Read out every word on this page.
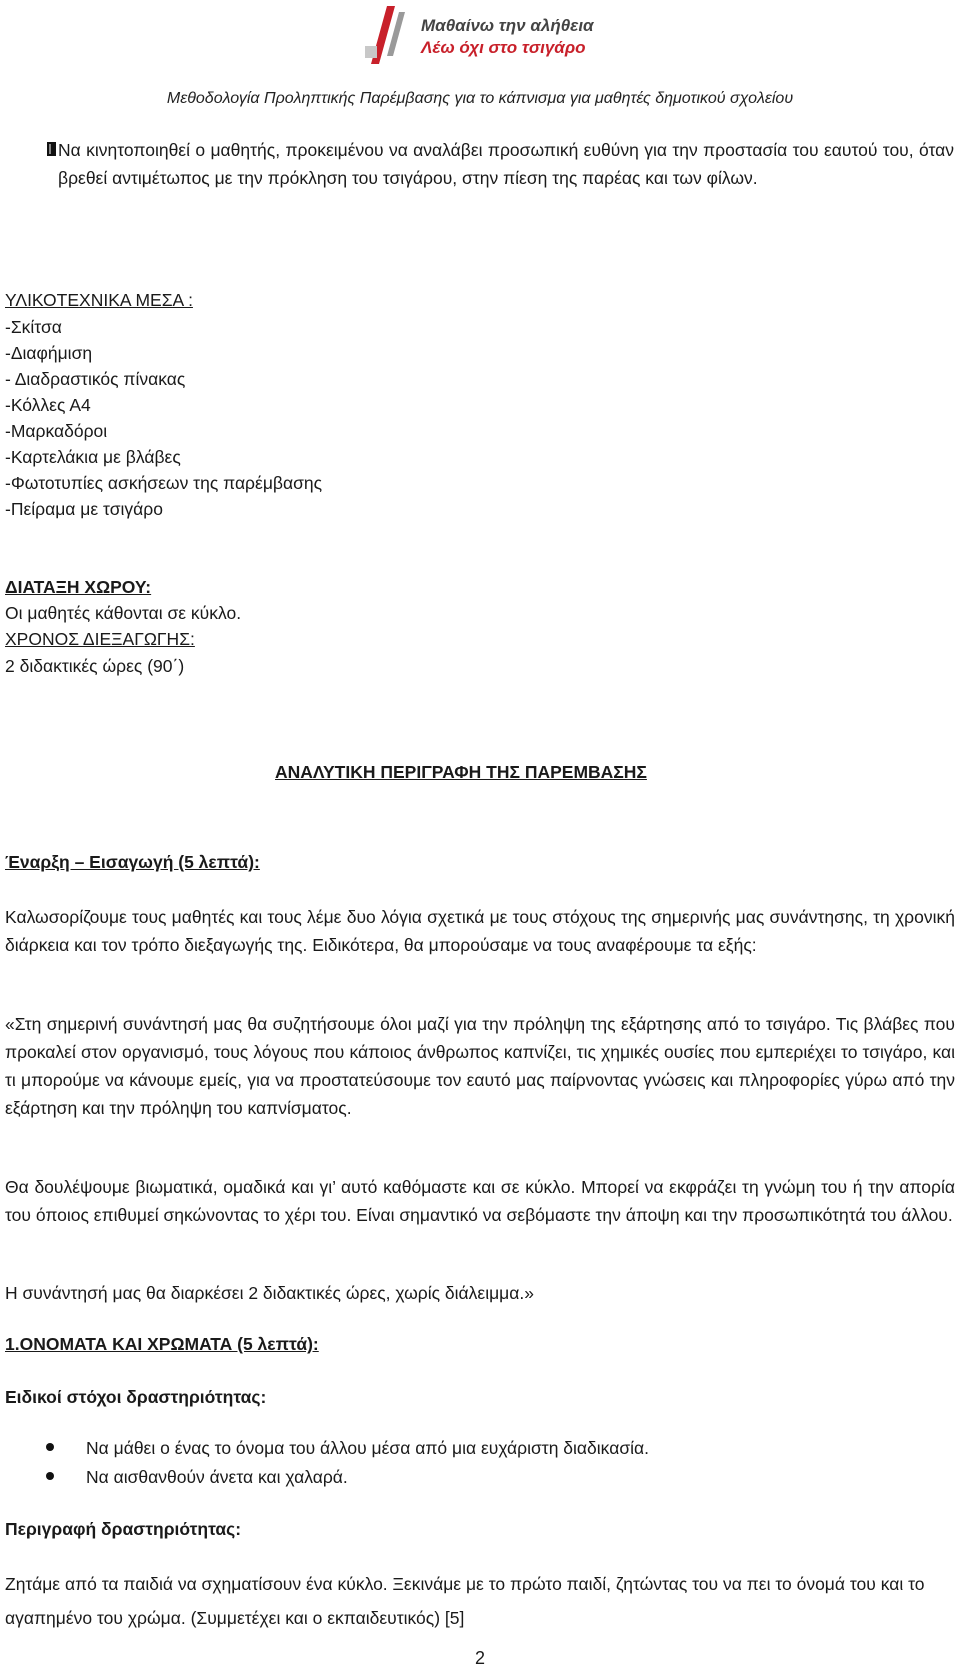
Μαθαίνω την αλήθεια
Λέω όχι στο τσιγάρο
Μεθοδολογία Προληπτικής Παρέμβασης για το κάπνισμα για μαθητές δημοτικού σχολείου
Να κινητοποιηθεί ο μαθητής, προκειμένου να αναλάβει προσωπική ευθύνη για την προστασία του εαυτού του, όταν βρεθεί αντιμέτωπος με την πρόκληση του τσιγάρου, στην πίεση της παρέας και των φίλων.
ΥΛΙΚΟΤΕΧΝΙΚΑ ΜΕΣΑ :
-Σκίτσα
-Διαφήμιση
- Διαδραστικός πίνακας
-Κόλλες Α4
-Μαρκαδόροι
-Καρτελάκια με βλάβες
-Φωτοτυπίες ασκήσεων της παρέμβασης
-Πείραμα με τσιγάρο
ΔΙΑΤΑΞΗ ΧΩΡΟΥ:
Οι μαθητές κάθονται σε κύκλο.
ΧΡΟΝΟΣ ΔΙΕΞΑΓΩΓΗΣ:
2 διδακτικές ώρες (90΄)
ΑΝΑΛΥΤΙΚΗ ΠΕΡΙΓΡΑΦΗ ΤΗΣ ΠΑΡΕΜΒΑΣΗΣ
Έναρξη – Εισαγωγή (5 λεπτά):
Καλωσορίζουμε τους μαθητές και τους λέμε δυο λόγια σχετικά με τους στόχους της σημερινής μας συνάντησης, τη χρονική διάρκεια και τον τρόπο διεξαγωγής της. Ειδικότερα, θα μπορούσαμε να τους αναφέρουμε τα εξής:
«Στη σημερινή συνάντησή μας θα συζητήσουμε όλοι μαζί για την πρόληψη της εξάρτησης από το τσιγάρο. Τις βλάβες που προκαλεί στον οργανισμό, τους λόγους που κάποιος άνθρωπος καπνίζει, τις χημικές ουσίες που εμπεριέχει το τσιγάρο, και τι μπορούμε να κάνουμε εμείς, για να προστατεύσουμε τον εαυτό μας παίρνοντας γνώσεις και πληροφορίες γύρω από την εξάρτηση και την πρόληψη του καπνίσματος.
Θα δουλέψουμε βιωματικά, ομαδικά και γι’ αυτό καθόμαστε και σε κύκλο. Μπορεί να εκφράζει τη γνώμη του ή την απορία του όποιος επιθυμεί σηκώνοντας το χέρι του. Είναι σημαντικό να σεβόμαστε την άποψη και την προσωπικότητά του άλλου.
Η συνάντησή μας θα διαρκέσει 2 διδακτικές ώρες, χωρίς διάλειμμα.»
1.ΟΝΟΜΑΤΑ ΚΑΙ ΧΡΩΜΑΤΑ (5 λεπτά):
Ειδικοί στόχοι δραστηριότητας:
Να μάθει ο ένας το όνομα του άλλου μέσα από μια ευχάριστη διαδικασία.
Να αισθανθούν άνετα και χαλαρά.
Περιγραφή δραστηριότητας:
Ζητάμε από τα παιδιά να σχηματίσουν ένα κύκλο. Ξεκινάμε με το πρώτο παιδί, ζητώντας του να πει το όνομά του και το αγαπημένο του χρώμα. (Συμμετέχει και ο εκπαιδευτικός) [5]
2
